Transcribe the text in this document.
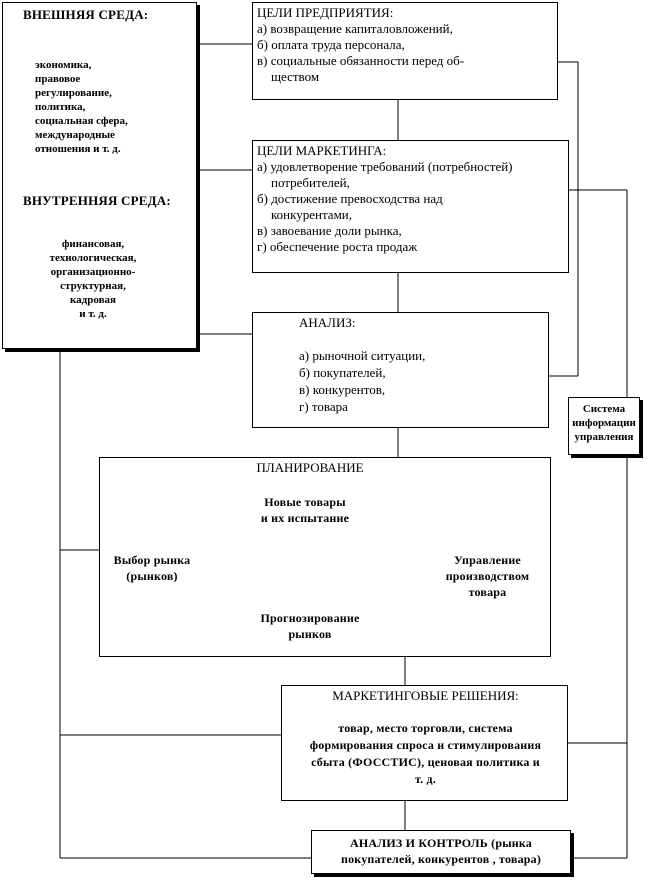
ВНЕШНЯЯ СРЕДА:
экономика,
правовое
регулирование,
политика,
социальная сфера,
международные
отношения и т. д.
ВНУТРЕННЯЯ СРЕДА:
финансовая,
технологическая,
организационно-
структурная,
кадровая
и т. д.
ЦЕЛИ ПРЕДПРИЯТИЯ:
а) возвращение капиталовложений,
б) оплата труда персонала,
в) социальные обязанности перед об-
ществом
ЦЕЛИ МАРКЕТИНГА:
а) удовлетворение требований (потребностей)
потребителей,
б) достижение превосходства над
конкурентами,
в) завоевание доли рынка,
г) обеспечение роста продаж
АНАЛИЗ:
а) рыночной ситуации,
б) покупателей,
в) конкурентов,
г) товара	Система
информации
управления
ПЛАНИРОВАНИЕ
Новые товары
и их испытание
Выбор рынка
(рынков)
Управление
производством
товара
Прогнозирование
рынков
МАРКЕТИНГОВЫЕ РЕШЕНИЯ:
товар, место торговли, система
формирования спроса и стимулирования
сбыта (ФОССТИС), ценовая политика и
т. д.
АНАЛИЗ И КОНТРОЛЬ (рынка
покупателей, конкурентов , товара)
